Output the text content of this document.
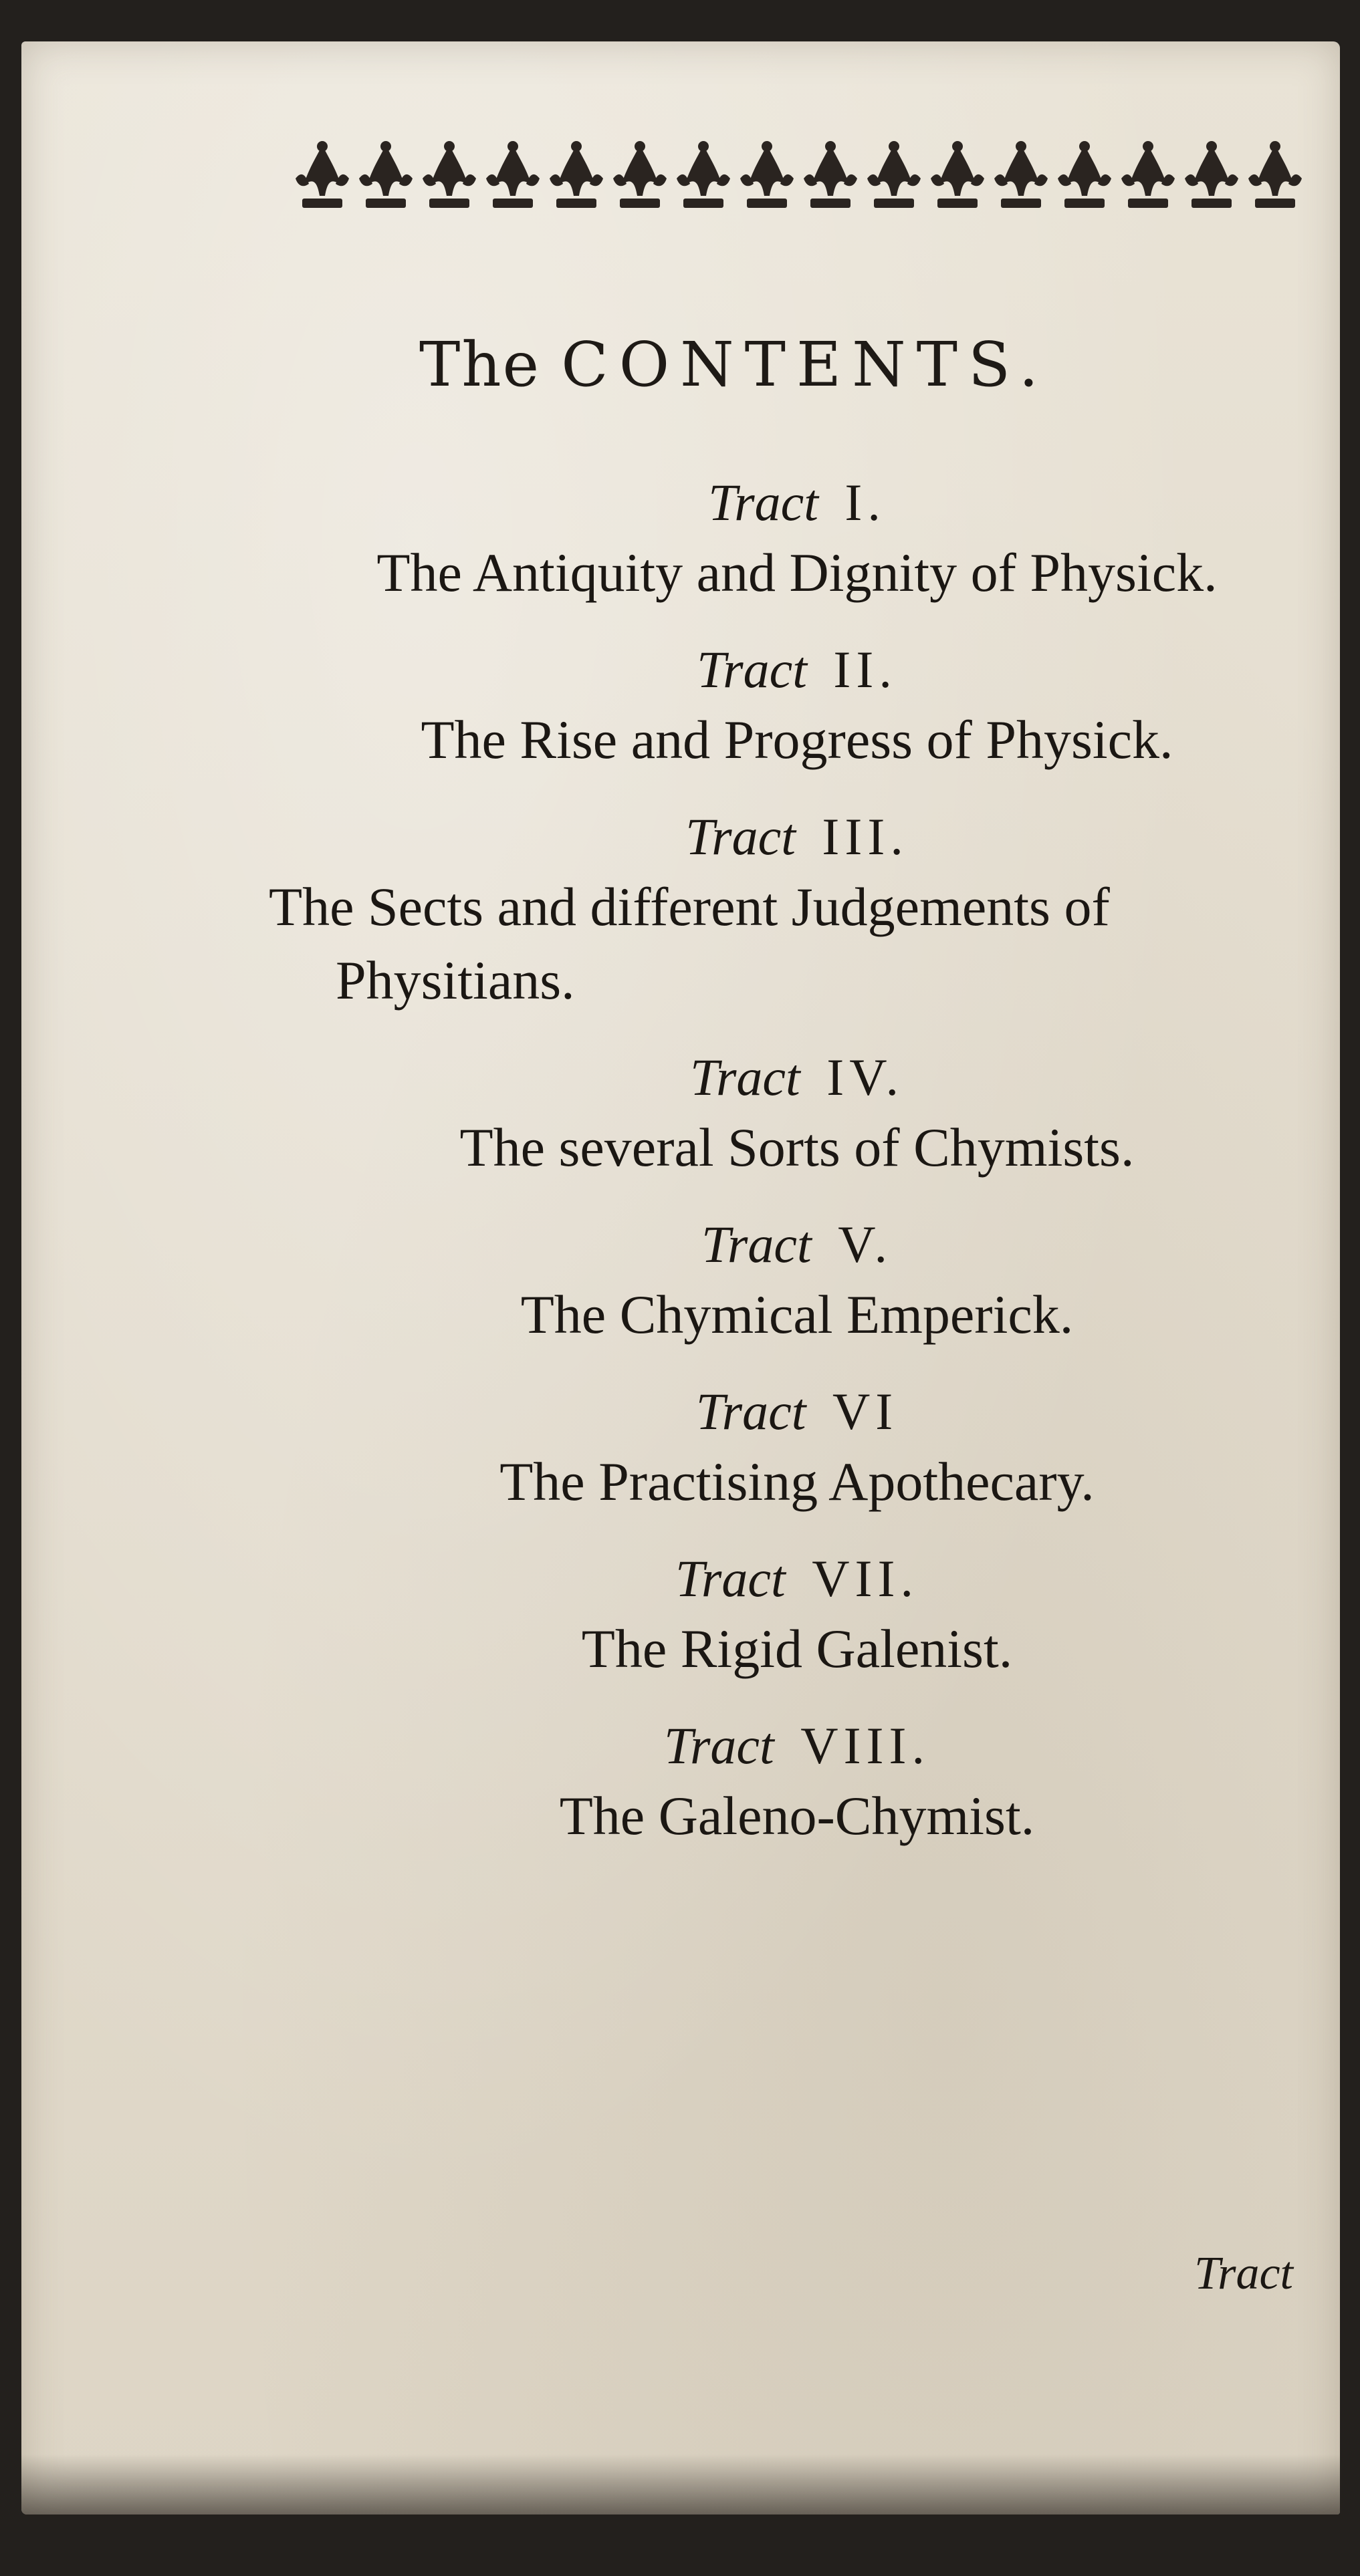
The CONTENTS.
Tract I.
The Antiquity and Dignity of Physick.
Tract II.
The Rise and Progress of Physick.
Tract III.
The Sects and different Judgements of
Physitians.
Tract IV.
The several Sorts of Chymists.
Tract V.
The Chymical Emperick.
Tract VI
The Practising Apothecary.
Tract VII.
The Rigid Galenist.
Tract VIII.
The Galeno-Chymist.
Tract
